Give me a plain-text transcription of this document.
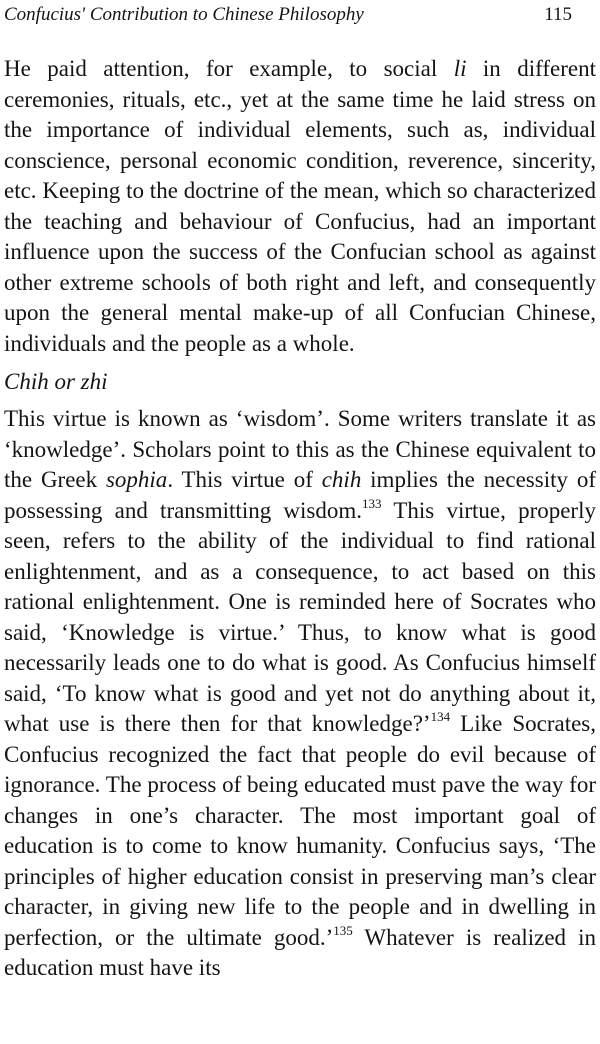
Confucius' Contribution to Chinese Philosophy	115

He paid attention, for example, to social li in different ceremonies, rituals, etc., yet at the same time he laid stress on the importance of individual elements, such as, individual conscience, personal economic condition, reverence, sincerity, etc. Keeping to the doctrine of the mean, which so characterized the teaching and behaviour of Confucius, had an important influence upon the success of the Confucian school as against other extreme schools of both right and left, and consequently upon the general mental make-up of all Confucian Chinese, individuals and the people as a whole.

Chih or zhi

This virtue is known as ‘wisdom’. Some writers translate it as ‘knowledge’. Scholars point to this as the Chinese equivalent to the Greek sophia. This virtue of chih implies the necessity of possessing and transmitting wisdom.$^{133}$ This virtue, properly seen, refers to the ability of the individual to find rational enlightenment, and as a consequence, to act based on this rational enlightenment. One is reminded here of Socrates who said, ‘Knowledge is virtue.’ Thus, to know what is good necessarily leads one to do what is good. As Confucius himself said, ‘To know what is good and yet not do anything about it, what use is there then for that knowledge?’$^{134}$ Like Socrates, Confucius recognized the fact that people do evil because of ignorance. The process of being educated must pave the way for changes in one’s character. The most important goal of education is to come to know humanity. Confucius says, ‘The principles of higher education consist in preserving man’s clear character, in giving new life to the people and in dwelling in perfection, or the ultimate good.’$^{135}$ Whatever is realized in education must have its
